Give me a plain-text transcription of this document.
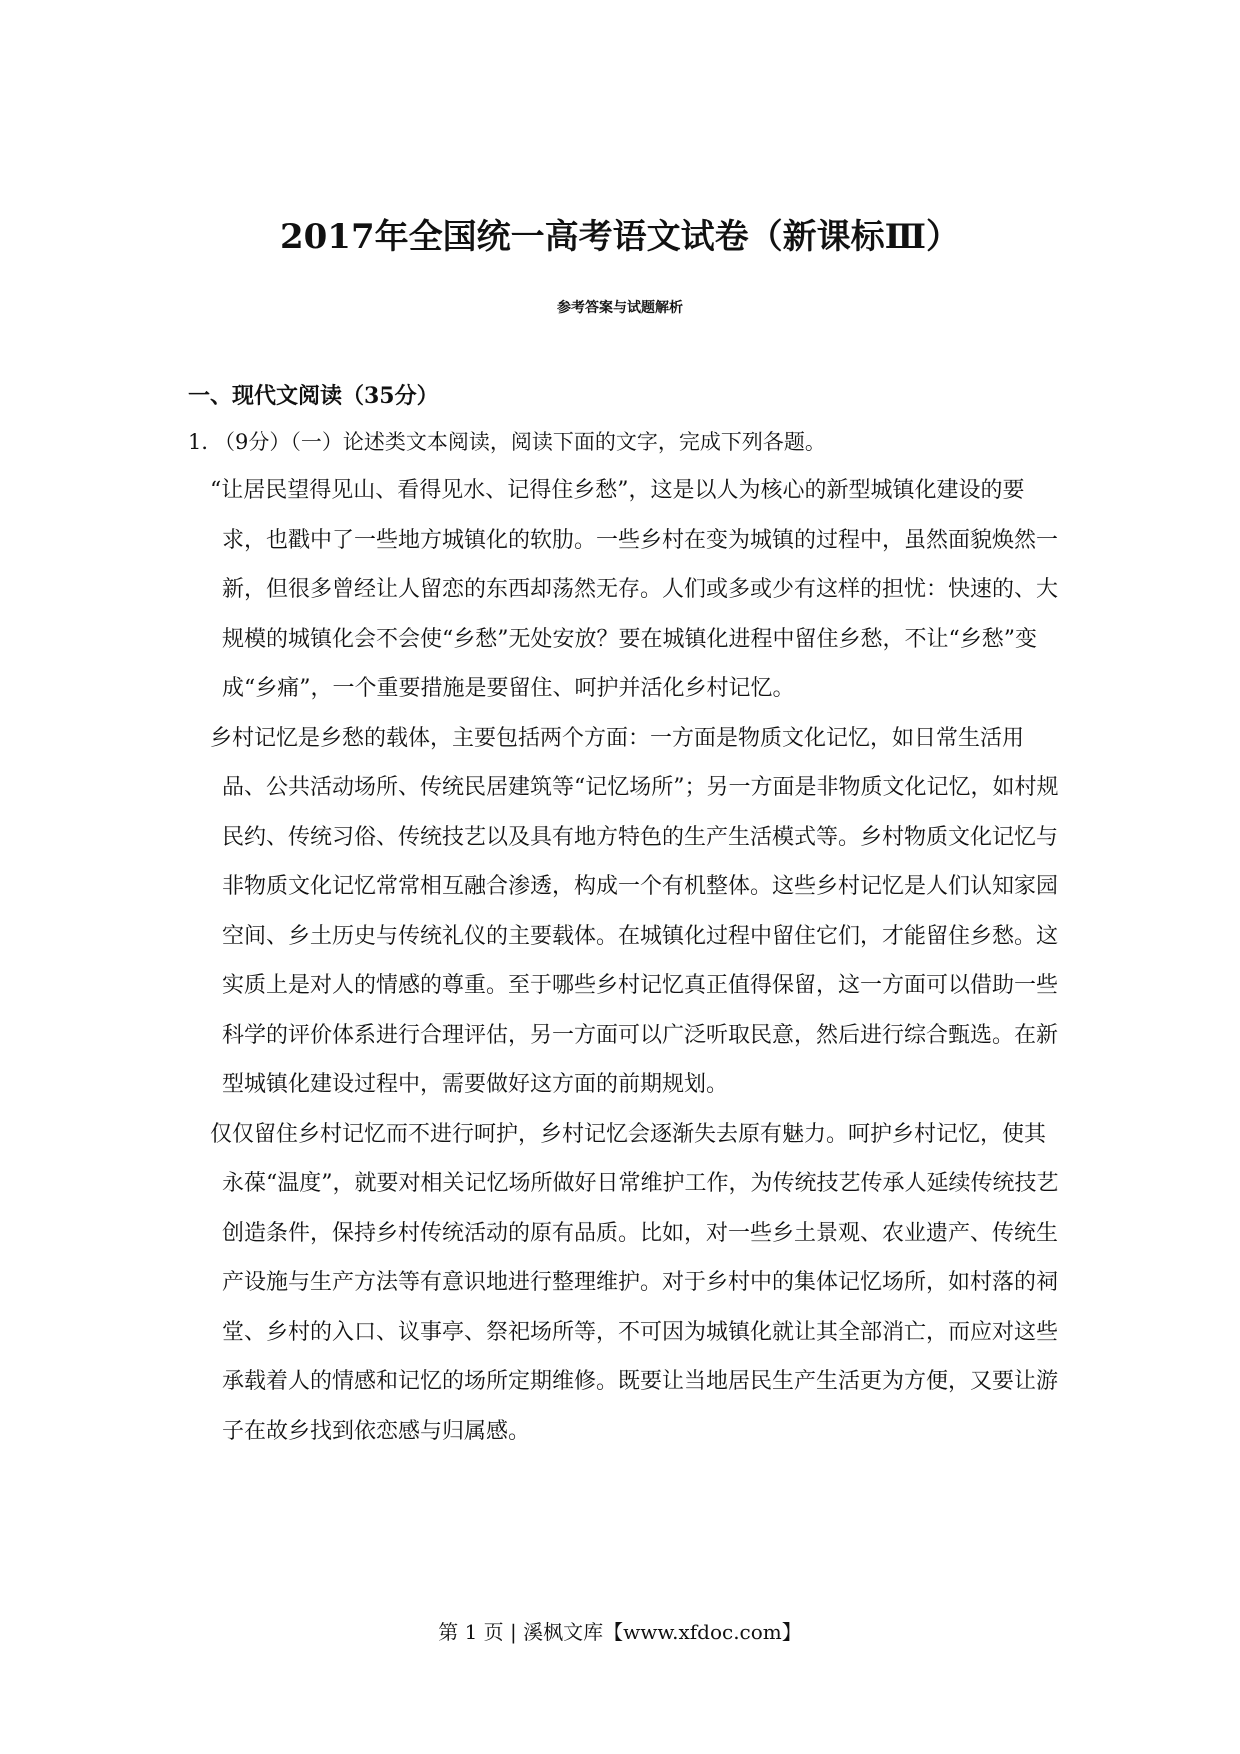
2017年全国统一高考语文试卷（新课标Ⅲ）
参考答案与试题解析
一、现代文阅读（35分）
1．（9分）（一）论述类文本阅读，阅读下面的文字，完成下列各题。

“让居民望得见山、看得见水、记得住乡愁”，这是以人为核心的新型城镇化建设的要求，也戳中了一些地方城镇化的软肋。一些乡村在变为城镇的过程中，虽然面貌焕然一新，但很多曾经让人留恋的东西却荡然无存。人们或多或少有这样的担忧：快速的、大规模的城镇化会不会使“乡愁”无处安放？要在城镇化进程中留住乡愁，不让“乡愁”变成“乡痛”，一个重要措施是要留住、呵护并活化乡村记忆。

乡村记忆是乡愁的载体，主要包括两个方面：一方面是物质文化记忆，如日常生活用品、公共活动场所、传统民居建筑等“记忆场所”；另一方面是非物质文化记忆，如村规民约、传统习俗、传统技艺以及具有地方特色的生产生活模式等。乡村物质文化记忆与非物质文化记忆常常相互融合渗透，构成一个有机整体。这些乡村记忆是人们认知家园空间、乡土历史与传统礼仪的主要载体。在城镇化过程中留住它们，才能留住乡愁。这实质上是对人的情感的尊重。至于哪些乡村记忆真正值得保留，这一方面可以借助一些科学的评价体系进行合理评估，另一方面可以广泛听取民意，然后进行综合甄选。在新型城镇化建设过程中，需要做好这方面的前期规划。

仅仅留住乡村记忆而不进行呵护，乡村记忆会逐渐失去原有魅力。呵护乡村记忆，使其永葆“温度”，就要对相关记忆场所做好日常维护工作，为传统技艺传承人延续传统技艺创造条件，保持乡村传统活动的原有品质。比如，对一些乡土景观、农业遗产、传统生产设施与生产方法等有意识地进行整理维护。对于乡村中的集体记忆场所，如村落的祠堂、乡村的入口、议事亭、祭祀场所等，不可因为城镇化就让其全部消亡，而应对这些承载着人的情感和记忆的场所定期维修。既要让当地居民生产生活更为方便，又要让游子在故乡找到依恋感与归属感。

第 1 页 | 溪枫文库【www.xfdoc.com】
